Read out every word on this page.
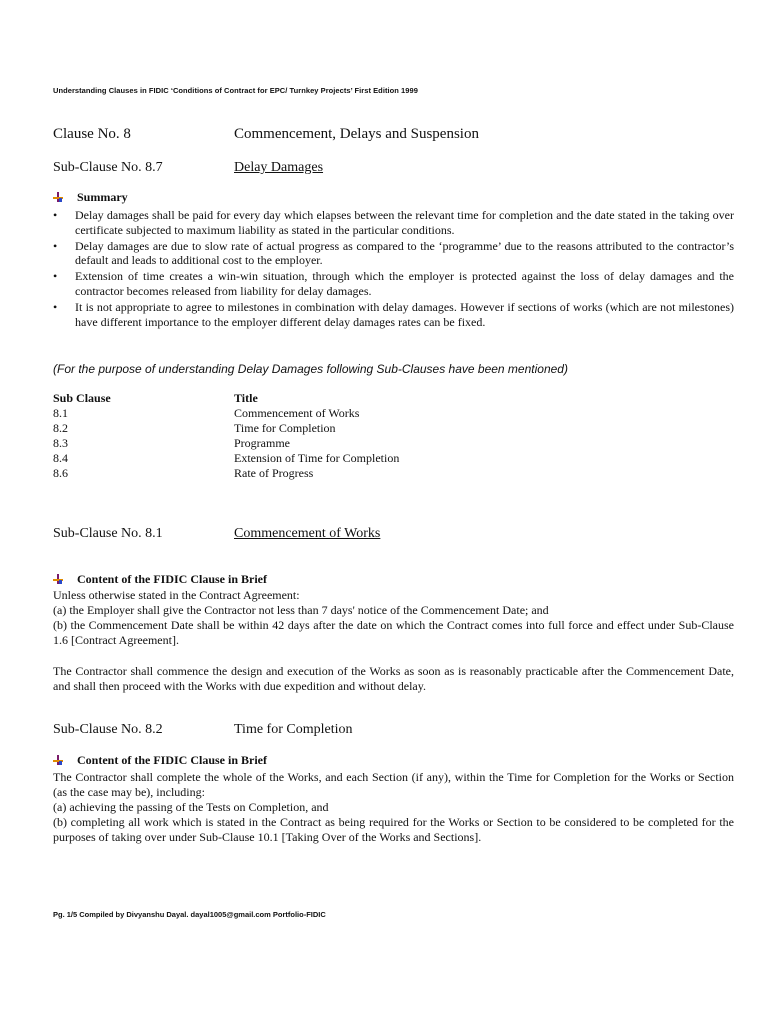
Understanding Clauses in FIDIC ‘Conditions of Contract for EPC/ Turnkey Projects’ First Edition 1999
Clause No. 8	Commencement, Delays and Suspension
Sub-Clause No. 8.7	Delay Damages
Summary
• Delay damages shall be paid for every day which elapses between the relevant time for completion and the date stated in the taking over certificate subjected to maximum liability as stated in the particular conditions.
• Delay damages are due to slow rate of actual progress as compared to the ‘programme’ due to the reasons attributed to the contractor’s default and leads to additional cost to the employer.
• Extension of time creates a win-win situation, through which the employer is protected against the loss of delay damages and the contractor becomes released from liability for delay damages.
• It is not appropriate to agree to milestones in combination with delay damages. However if sections of works (which are not milestones) have different importance to the employer different delay damages rates can be fixed.
(For the purpose of understanding Delay Damages following Sub-Clauses have been mentioned)
Sub Clause	Title
8.1	Commencement of Works
8.2	Time for Completion
8.3	Programme
8.4	Extension of Time for Completion
8.6	Rate of Progress
Sub-Clause No. 8.1	Commencement of Works
Content of the FIDIC Clause in Brief

Unless otherwise stated in the Contract Agreement:

(a) the Employer shall give the Contractor not less than 7 days' notice of the Commencement Date; and

(b) the Commencement Date shall be within 42 days after the date on which the Contract comes into full force and effect under Sub-Clause 1.6 [Contract Agreement].

The Contractor shall commence the design and execution of the Works as soon as is reasonably practicable after the Commencement Date, and shall then proceed with the Works with due expedition and without delay.
Sub-Clause No. 8.2	Time for Completion
Content of the FIDIC Clause in Brief

The Contractor shall complete the whole of the Works, and each Section (if any), within the Time for Completion for the Works or Section (as the case may be), including:

(a) achieving the passing of the Tests on Completion, and

(b) completing all work which is stated in the Contract as being required for the Works or Section to be considered to be completed for the purposes of taking over under Sub-Clause 10.1 [Taking Over of the Works and Sections].

Pg. 1/5 Compiled by Divyanshu Dayal. dayal1005@gmail.com Portfolio-FIDIC
